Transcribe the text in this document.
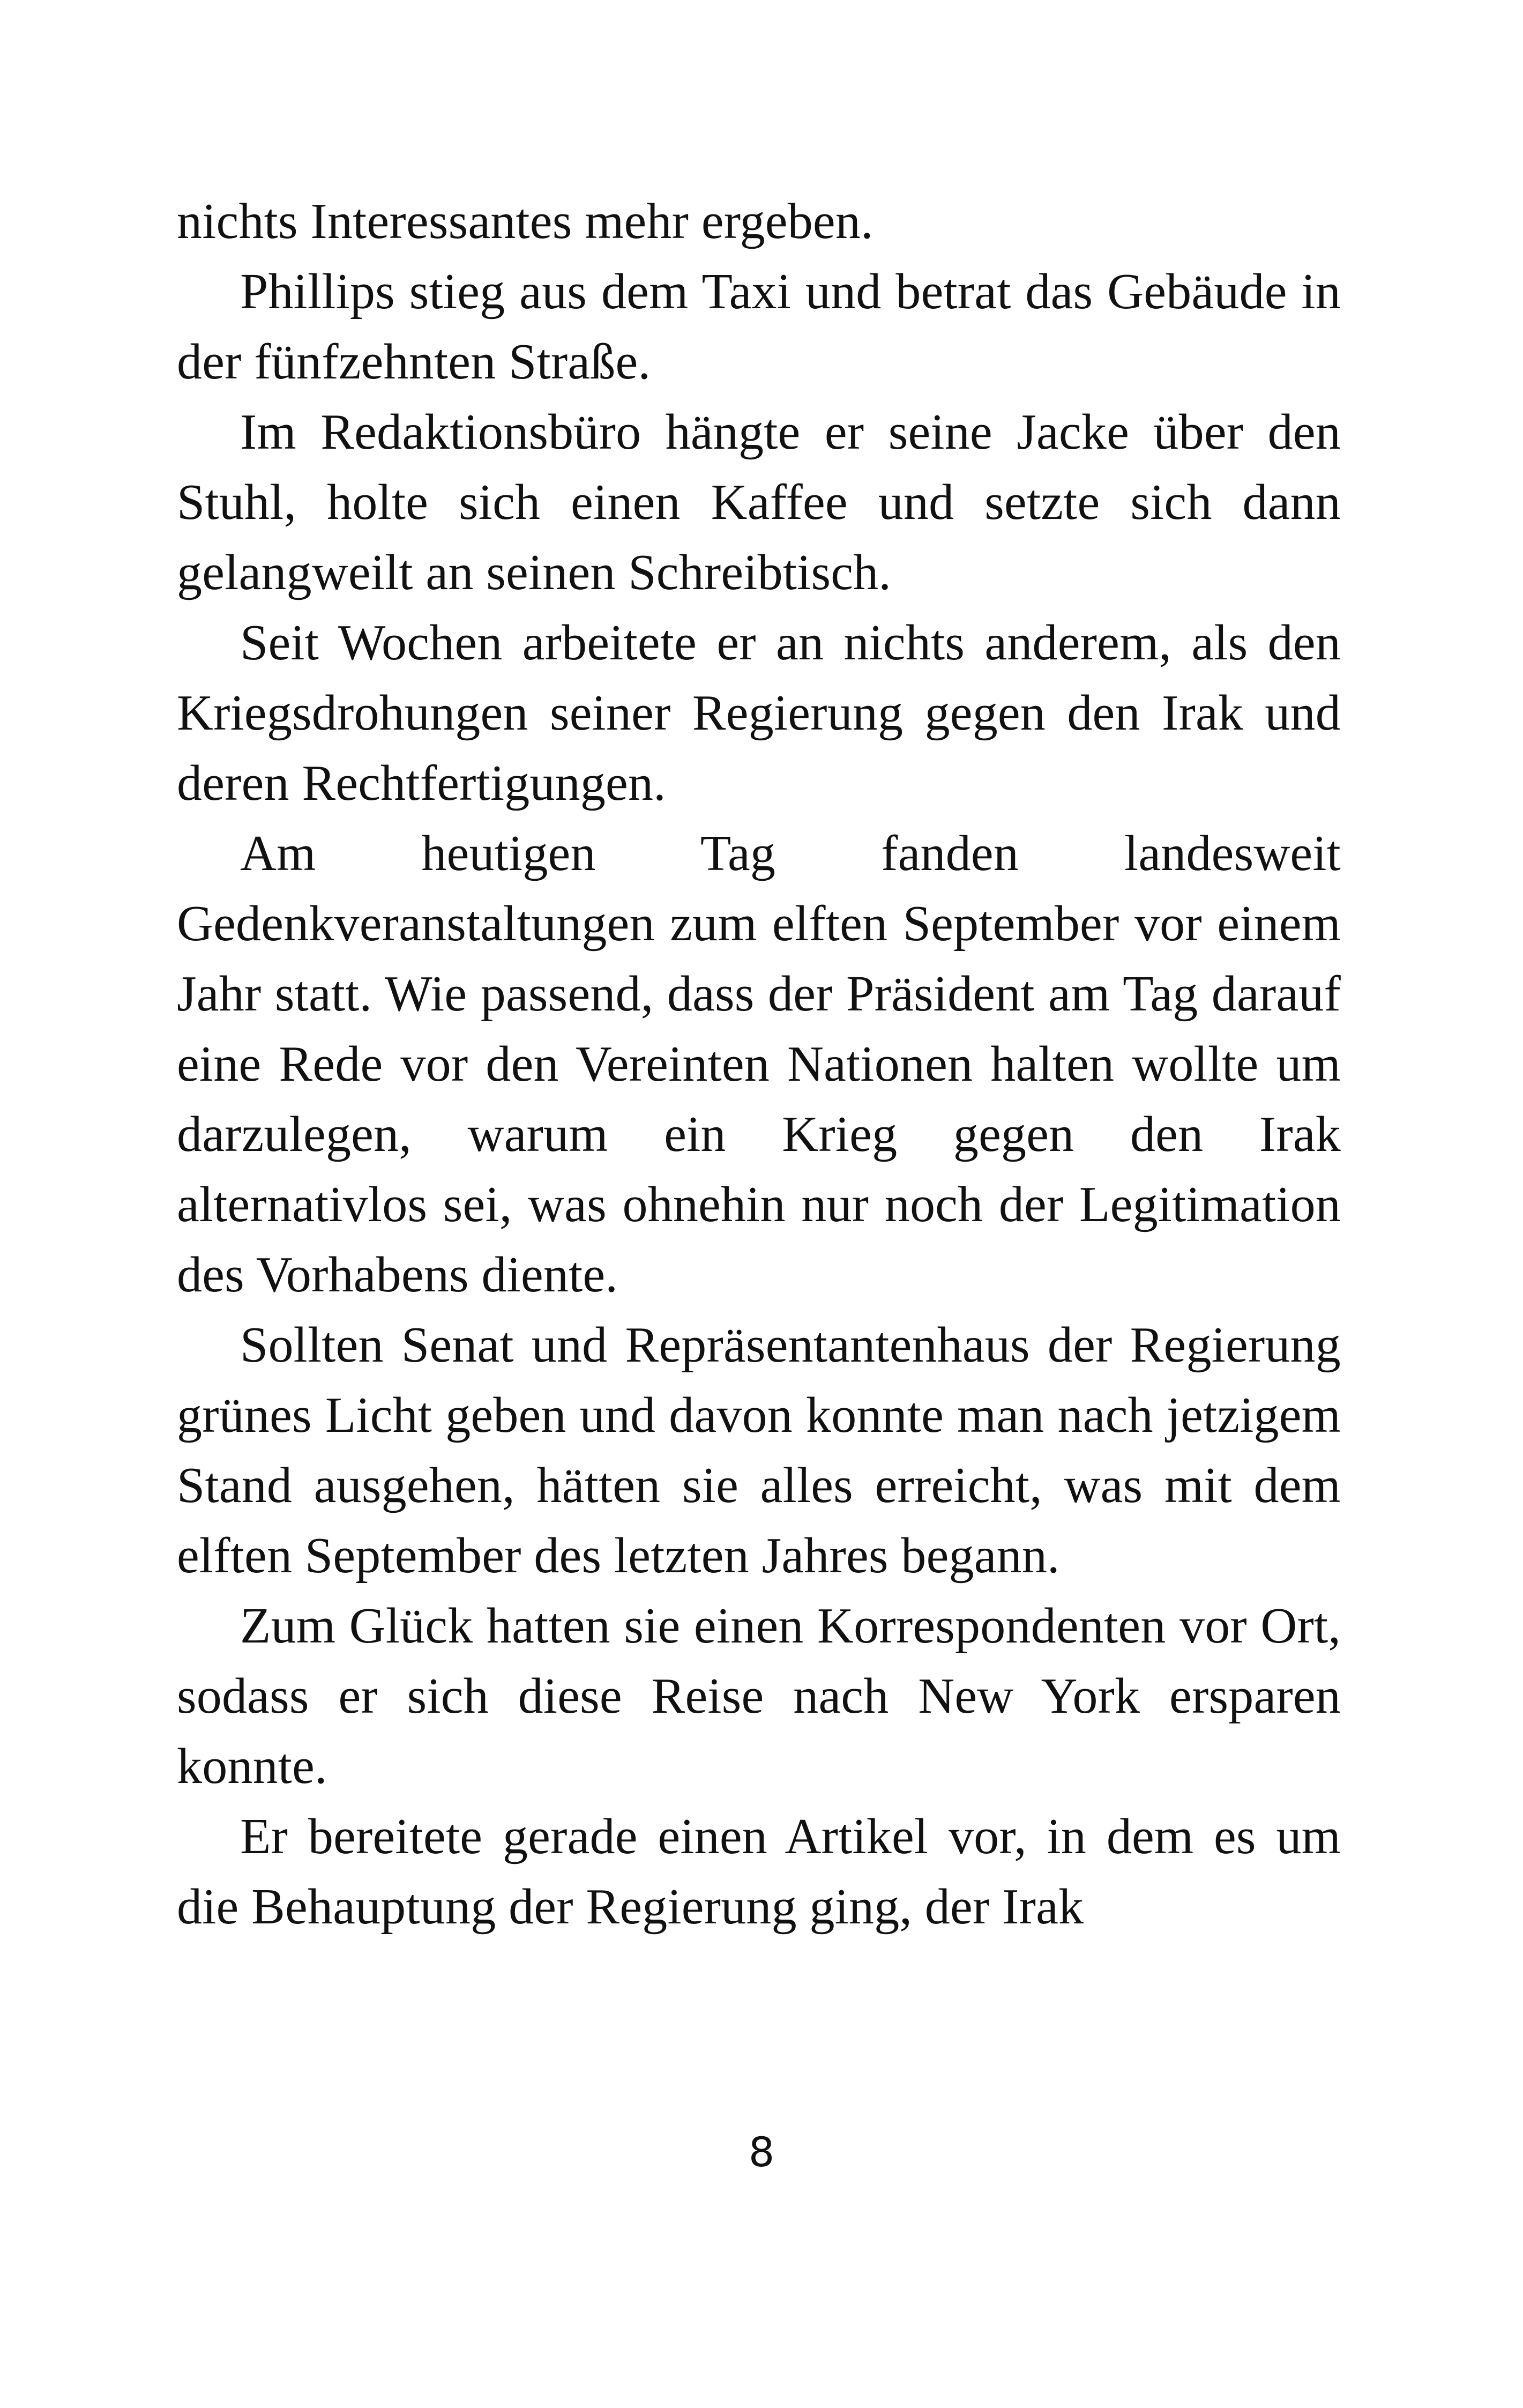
nichts Interessantes mehr ergeben.

Phillips stieg aus dem Taxi und betrat das Gebäude in der fünfzehnten Straße.

Im Redaktionsbüro hängte er seine Jacke über den Stuhl, holte sich einen Kaffee und setzte sich dann gelangweilt an seinen Schreibtisch.

Seit Wochen arbeitete er an nichts anderem, als den Kriegsdrohungen seiner Regierung gegen den Irak und deren Rechtfertigungen.

Am heutigen Tag fanden landesweit Gedenkveranstaltungen zum elften September vor einem Jahr statt. Wie passend, dass der Präsident am Tag darauf eine Rede vor den Vereinten Nationen halten wollte um darzulegen, warum ein Krieg gegen den Irak alternativlos sei, was ohnehin nur noch der Legitimation des Vorhabens diente.

Sollten Senat und Repräsentantenhaus der Regierung grünes Licht geben und davon konnte man nach jetzigem Stand ausgehen, hätten sie alles erreicht, was mit dem elften September des letzten Jahres begann.

Zum Glück hatten sie einen Korrespondenten vor Ort, sodass er sich diese Reise nach New York ersparen konnte.

Er bereitete gerade einen Artikel vor, in dem es um die Behauptung der Regierung ging, der Irak

8
